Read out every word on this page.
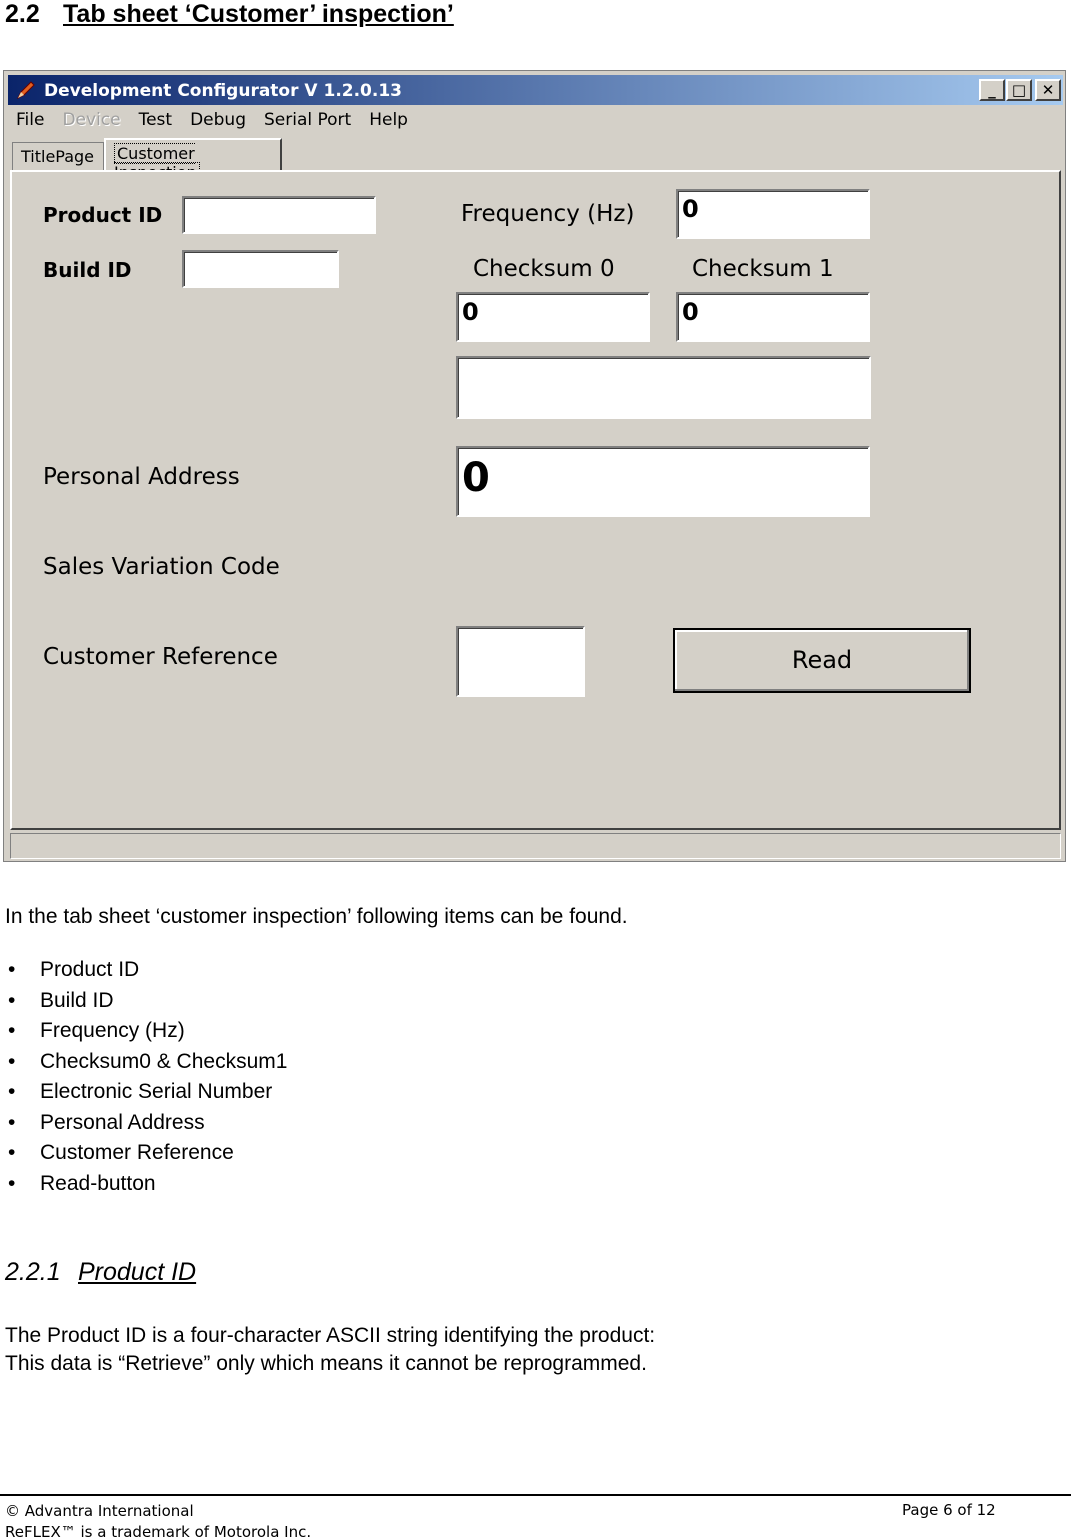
2.2 Tab sheet ‘Customer’ inspection’
Development Configurator V 1.2.0.13	_	□	✕
File Device Test Debug Serial Port Help
TitlePage	Customer
Product ID
Build ID
Frequency (Hz) 0
Checksum 0	Checksum 1
0	0
Personal Address	0
Sales Variation Code
Customer Reference	Read
In the tab sheet ‘customer inspection’ following items can be found.
• Product ID
• Build ID
• Frequency (Hz)
• Checksum0 & Checksum1
• Electronic Serial Number
• Personal Address
• Customer Reference
• Read-button
2.2.1 Product ID
The Product ID is a four-character ASCII string identifying the product:
This data is “Retrieve” only which means it cannot be reprogrammed.
© Advantra International
ReFLEX™ is a trademark of Motorola Inc.
Page 6 of 12
